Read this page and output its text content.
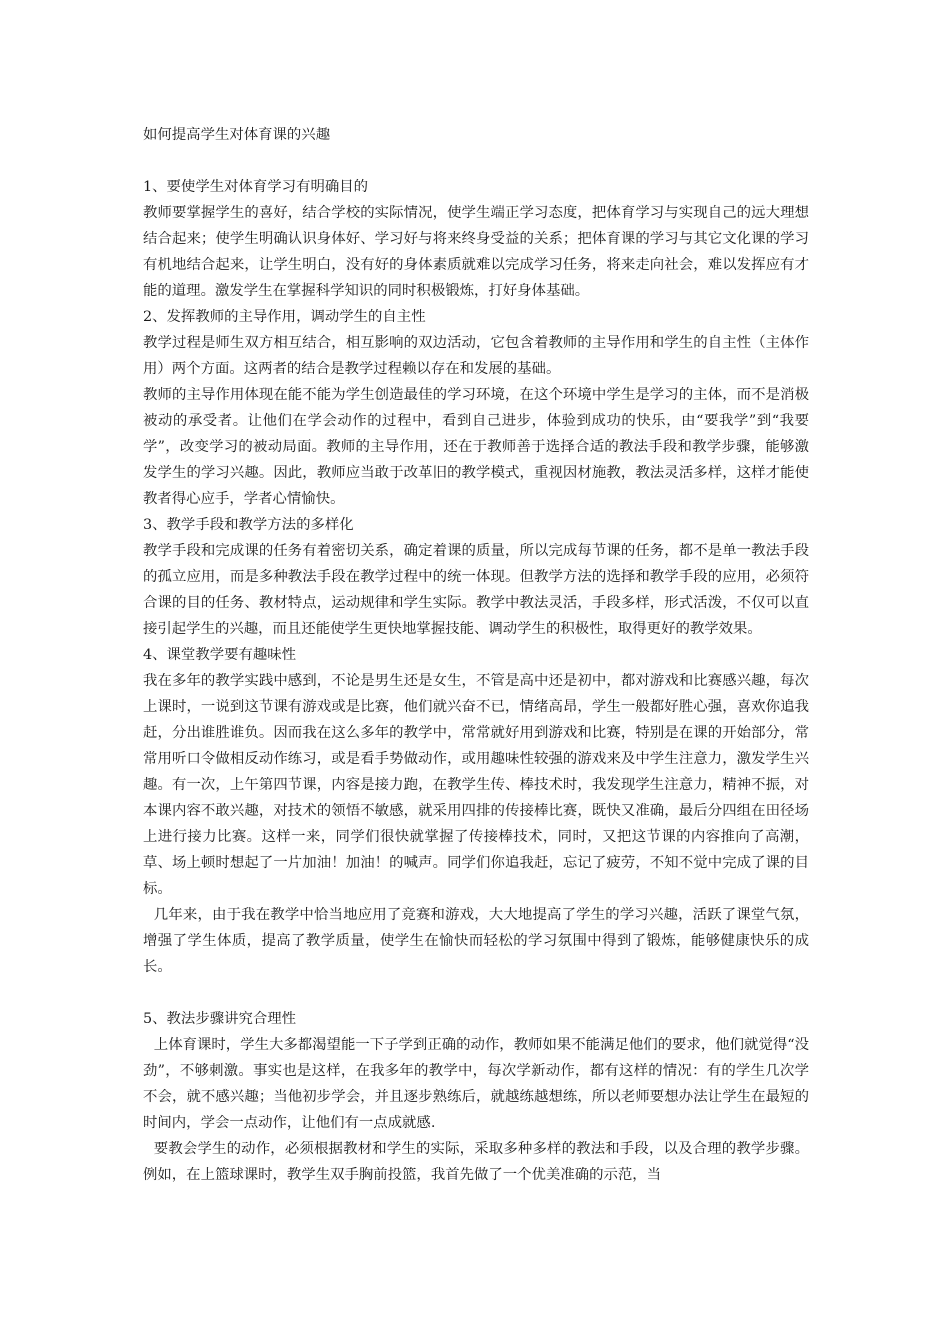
如何提高学生对体育课的兴趣

1、要使学生对体育学习有明确目的

教师要掌握学生的喜好，结合学校的实际情况，使学生端正学习态度，把体育学习与实现自己的远大理想结合起来；使学生明确认识身体好、学习好与将来终身受益的关系；把体育课的学习与其它文化课的学习有机地结合起来，让学生明白，没有好的身体素质就难以完成学习任务，将来走向社会，难以发挥应有才能的道理。激发学生在掌握科学知识的同时积极锻炼，打好身体基础。

2、发挥教师的主导作用，调动学生的自主性

教学过程是师生双方相互结合，相互影响的双边活动，它包含着教师的主导作用和学生的自主性（主体作用）两个方面。这两者的结合是教学过程赖以存在和发展的基础。

教师的主导作用体现在能不能为学生创造最佳的学习环境，在这个环境中学生是学习的主体，而不是消极被动的承受者。让他们在学会动作的过程中，看到自己进步，体验到成功的快乐，由“要我学”到“我要学”，改变学习的被动局面。教师的主导作用，还在于教师善于选择合适的教法手段和教学步骤，能够激发学生的学习兴趣。因此，教师应当敢于改革旧的教学模式，重视因材施教，教法灵活多样，这样才能使教者得心应手，学者心情愉快。

3、教学手段和教学方法的多样化

教学手段和完成课的任务有着密切关系，确定着课的质量，所以完成每节课的任务，都不是单一教法手段的孤立应用，而是多种教法手段在教学过程中的统一体现。但教学方法的选择和教学手段的应用，必须符合课的目的任务、教材特点，运动规律和学生实际。教学中教法灵活，手段多样，形式活泼，不仅可以直接引起学生的兴趣，而且还能使学生更快地掌握技能、调动学生的积极性，取得更好的教学效果。

4、课堂教学要有趣味性

我在多年的教学实践中感到，不论是男生还是女生，不管是高中还是初中，都对游戏和比赛感兴趣，每次上课时，一说到这节课有游戏或是比赛，他们就兴奋不已，情绪高昂，学生一般都好胜心强，喜欢你追我赶，分出谁胜谁负。因而我在这么多年的教学中，常常就好用到游戏和比赛，特别是在课的开始部分，常常用听口令做相反动作练习，或是看手势做动作，或用趣味性较强的游戏来及中学生注意力，激发学生兴趣。有一次，上午第四节课，内容是接力跑，在教学生传、棒技术时，我发现学生注意力，精神不振，对本课内容不敢兴趣，对技术的领悟不敏感，就采用四排的传接棒比赛，既快又准确，最后分四组在田径场上进行接力比赛。这样一来，同学们很快就掌握了传接棒技术，同时，又把这节课的内容推向了高潮，草、场上顿时想起了一片加油！加油！的喊声。同学们你追我赶，忘记了疲劳，不知不觉中完成了课的目标。

几年来，由于我在教学中恰当地应用了竞赛和游戏，大大地提高了学生的学习兴趣，活跃了课堂气氛，增强了学生体质，提高了教学质量，使学生在愉快而轻松的学习氛围中得到了锻炼，能够健康快乐的成长。

5、教法步骤讲究合理性

上体育课时，学生大多都渴望能一下子学到正确的动作，教师如果不能满足他们的要求，他们就觉得“没劲”，不够刺激。事实也是这样，在我多年的教学中，每次学新动作，都有这样的情况：有的学生几次学不会，就不感兴趣；当他初步学会，并且逐步熟练后，就越练越想练，所以老师要想办法让学生在最短的时间内，学会一点动作，让他们有一点成就感.

要教会学生的动作，必须根据教材和学生的实际，采取多种多样的教法和手段，以及合理的教学步骤。例如，在上篮球课时，教学生双手胸前投篮，我首先做了一个优美准确的示范，当
